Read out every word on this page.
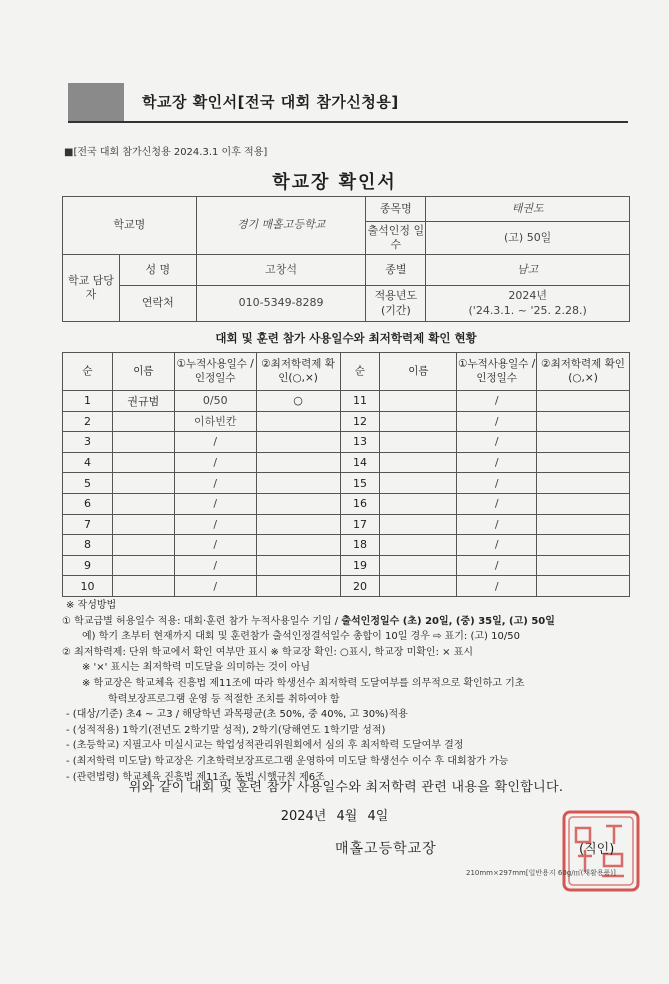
학교장 확인서[전국 대회 참가신청용]
■[전국 대회 참가신청용 2024.3.1 이후 적용]
학교장 확인서
학교명		경기 매홀고등학교	종목명	태권도
			출석인정 일수	(고) 50일
학교 담당자	성 명	고창석	종별	남고
	연락처	010-5349-8289	적용년도 (기간)	2024년
('24.3.1. ~ '25. 2.28.)
대회 및 훈련 참가 사용일수와 최저학력제 확인 현황
순	이름	①누적사용일수 /인정일수	②최저학력제 확인(○,×)	순	이름	①누적사용일수 /인정일수	②최저학력제 확인(○,×)
1	권규범	0/50	○	11		/	
2		이하빈칸		12		/	
3		/		13		/	
4		/		14		/	
5		/		15		/	
6		/		16		/	
7		/		17		/	
8		/		18		/	
9		/		19		/	
10		/		20		/	
※ 작성방법
① 학교급별 허용일수 적용: 대회·훈련 참가 누적사용일수 기입 / 출석인정일수 (초) 20일, (중) 35일, (고) 50일
예) 학기 초부터 현재까지 대회 및 훈련참가 출석인정결석일수 총합이 10일 경우 ⇨ 표기: (고) 10/50
② 최저학력제: 단위 학교에서 확인 여부만 표시 ※ 학교장 확인: ○표시, 학교장 미확인: × 표시
※ '×' 표시는 최저학력 미도달을 의미하는 것이 아님
※ 학교장은 학교체육 진흥법 제11조에 따라 학생선수 최저학력 도달여부를 의무적으로 확인하고 기초
학력보장프로그램 운영 등 적절한 조치를 취하여야 함
- (대상/기준) 초4 ~ 고3 / 해당학년 과목평균(초 50%, 중 40%, 고 30%)적용
- (성적적용) 1학기(전년도 2학기말 성적), 2학기(당해연도 1학기말 성적)
- (초등학교) 지필고사 미실시교는 학업성적관리위원회에서 심의 후 최저학력 도달여부 결정
- (최저학력 미도달) 학교장은 기초학력보장프로그램 운영하여 미도달 학생선수 이수 후 대회참가 가능
- (관련법령) 학교체육 진흥법 제11조, 동법 시행규칙 제6조
위와 같이 대회 및 훈련 참가 사용일수와 최저학력 관련 내용을 확인합니다.
2024년 4월 4일
매홀고등학교장	(직인)
210mm×297mm[일반용지 60g/㎡(재활용품)]
